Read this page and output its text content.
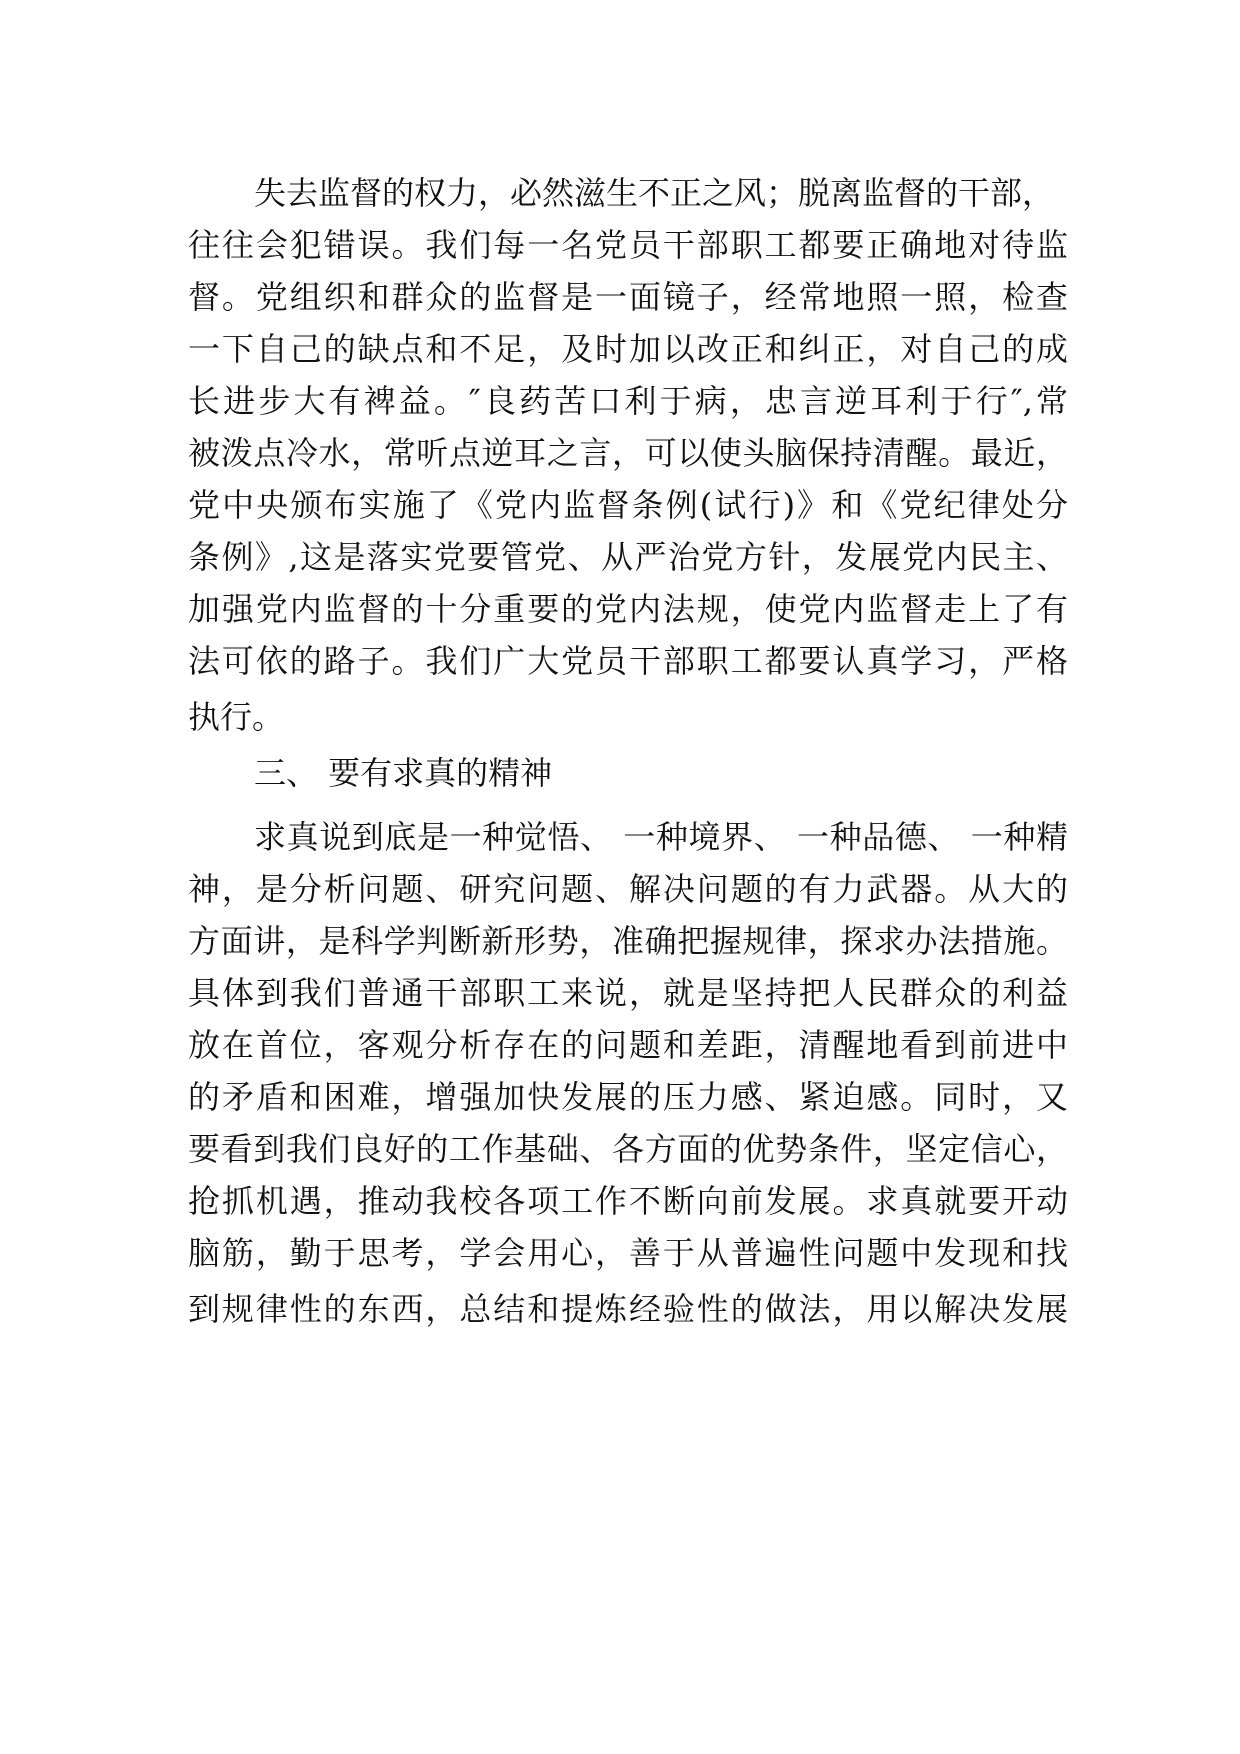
失去监督的权力，必然滋生不正之风；脱离监督的干部，
往往会犯错误。我们每一名党员干部职工都要正确地对待监
督。党组织和群众的监督是一面镜子，经常地照一照，检查
一下自己的缺点和不足，及时加以改正和纠正，对自己的成
长进步大有裨益。″良药苦口利于病，忠言逆耳利于行″,常
被泼点冷水，常听点逆耳之言，可以使头脑保持清醒。最近，
党中央颁布实施了《党内监督条例(试行)》和《党纪律处分
条例》,这是落实党要管党、从严治党方针，发展党内民主、
加强党内监督的十分重要的党内法规，使党内监督走上了有
法可依的路子。我们广大党员干部职工都要认真学习，严格
执行。
三、 要有求真的精神
求真说到底是一种觉悟、 一种境界、 一种品德、 一种精
神，是分析问题、研究问题、解决问题的有力武器。从大的
方面讲，是科学判断新形势，准确把握规律，探求办法措施。
具体到我们普通干部职工来说，就是坚持把人民群众的利益
放在首位，客观分析存在的问题和差距，清醒地看到前进中
的矛盾和困难，增强加快发展的压力感、紧迫感。同时，又
要看到我们良好的工作基础、各方面的优势条件，坚定信心，
抢抓机遇，推动我校各项工作不断向前发展。求真就要开动
脑筋，勤于思考，学会用心，善于从普遍性问题中发现和找
到规律性的东西，总结和提炼经验性的做法，用以解决发展
